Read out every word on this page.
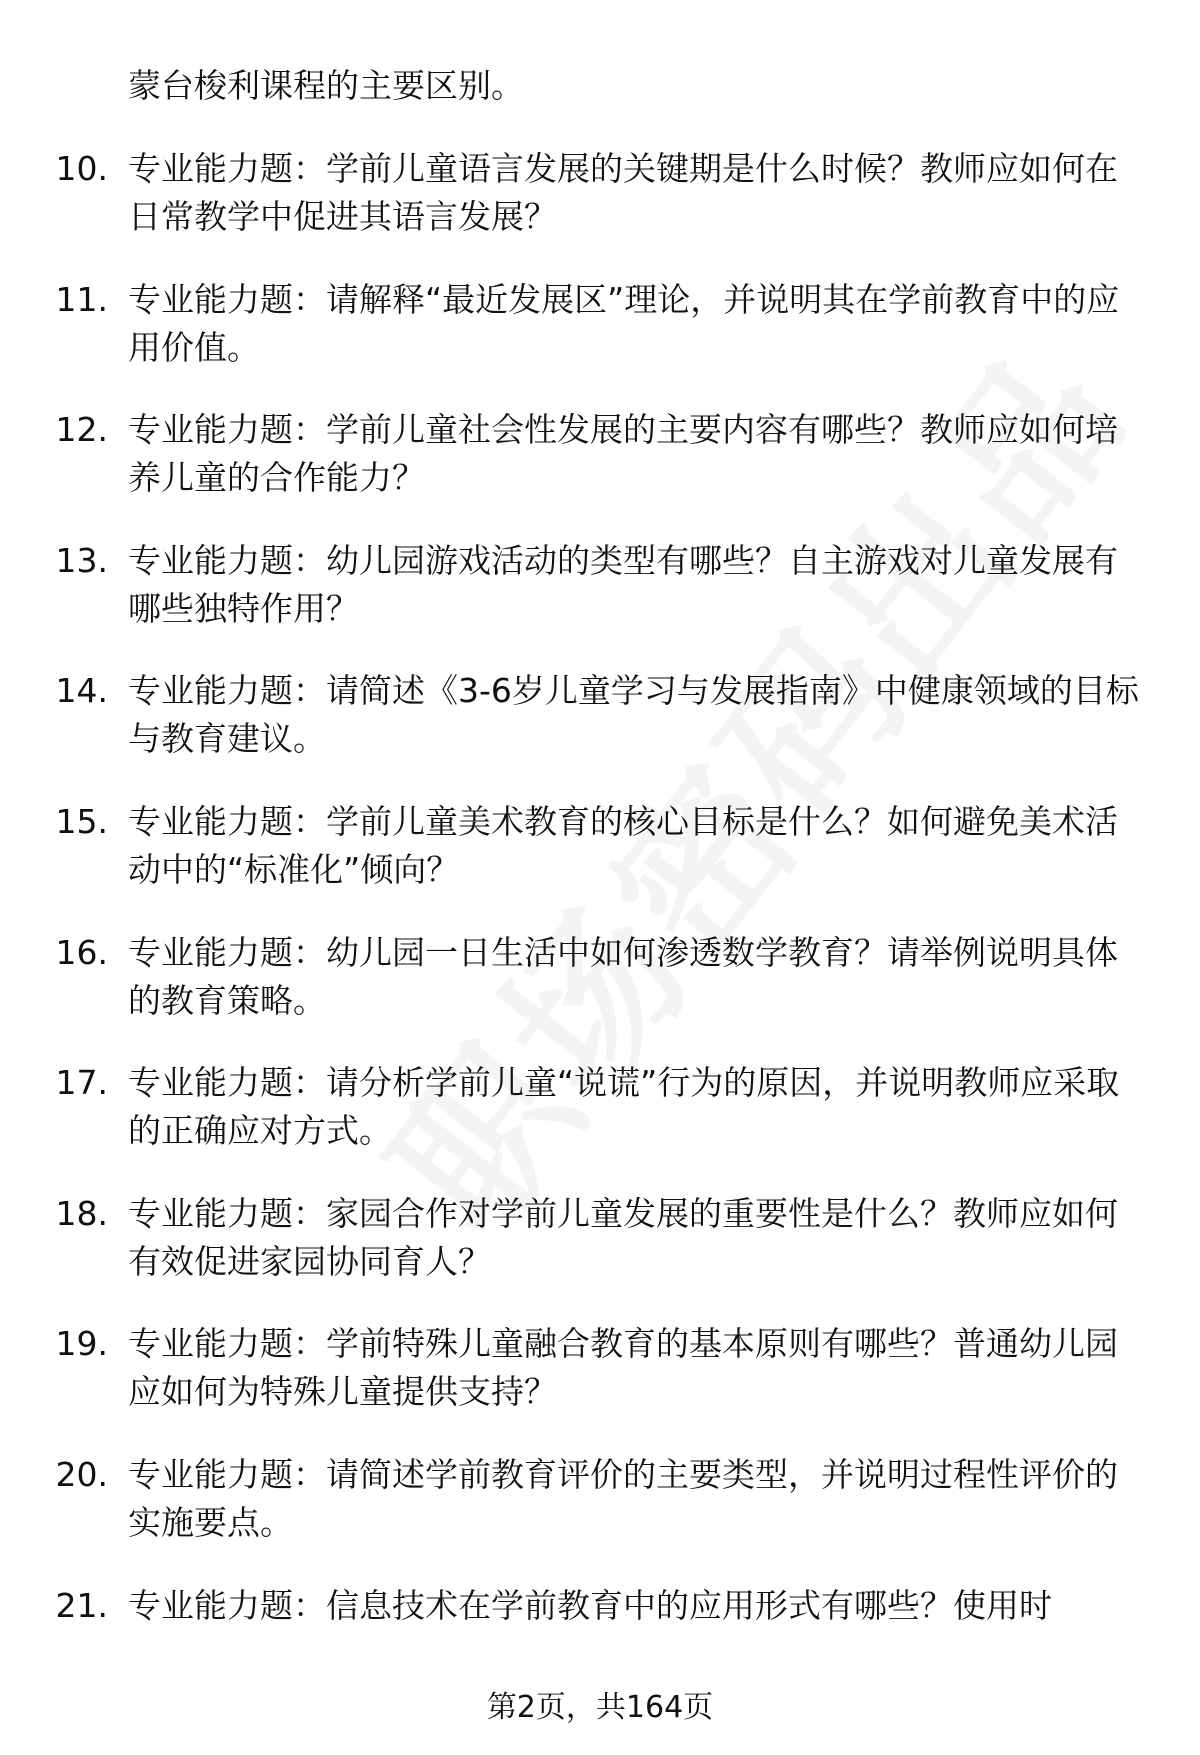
蒙台梭利课程的主要区别。

10. 专业能力题：学前儿童语言发展的关键期是什么时候？教师应如何在日常教学中促进其语言发展？
11. 专业能力题：请解释“最近发展区”理论，并说明其在学前教育中的应用价值。
12. 专业能力题：学前儿童社会性发展的主要内容有哪些？教师应如何培养儿童的合作能力？
13. 专业能力题：幼儿园游戏活动的类型有哪些？自主游戏对儿童发展有哪些独特作用？
14. 专业能力题：请简述《3-6岁儿童学习与发展指南》中健康领域的目标与教育建议。
15. 专业能力题：学前儿童美术教育的核心目标是什么？如何避免美术活动中的“标准化”倾向？
16. 专业能力题：幼儿园一日生活中如何渗透数学教育？请举例说明具体的教育策略。
17. 专业能力题：请分析学前儿童“说谎”行为的原因，并说明教师应采取的正确应对方式。
18. 专业能力题：家园合作对学前儿童发展的重要性是什么？教师应如何有效促进家园协同育人？
19. 专业能力题：学前特殊儿童融合教育的基本原则有哪些？普通幼儿园应如何为特殊儿童提供支持？
20. 专业能力题：请简述学前教育评价的主要类型，并说明过程性评价的实施要点。
21. 专业能力题：信息技术在学前教育中的应用形式有哪些？使用时
第2页，共164页
